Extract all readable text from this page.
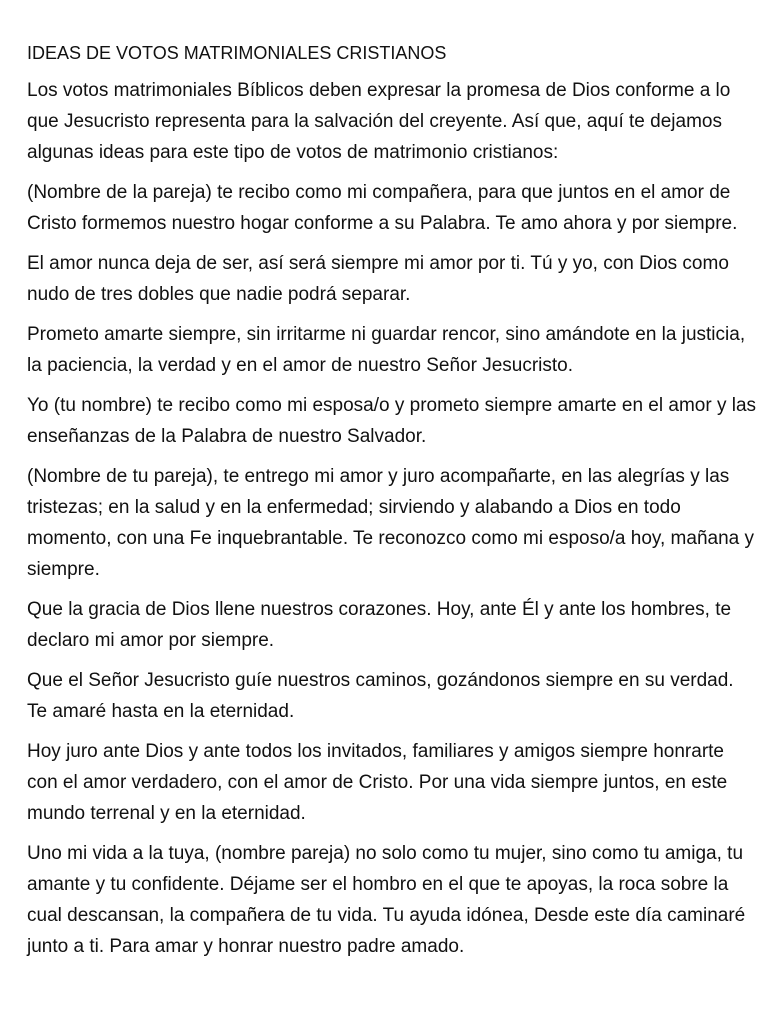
IDEAS DE VOTOS MATRIMONIALES CRISTIANOS

Los votos matrimoniales Bíblicos deben expresar la promesa de Dios conforme a lo que Jesucristo representa para la salvación del creyente. Así que, aquí te dejamos algunas ideas para este tipo de votos de matrimonio cristianos:

(Nombre de la pareja) te recibo como mi compañera, para que juntos en el amor de Cristo formemos nuestro hogar conforme a su Palabra. Te amo ahora y por siempre.

El amor nunca deja de ser, así será siempre mi amor por ti. Tú y yo, con Dios como nudo de tres dobles que nadie podrá separar.

Prometo amarte siempre, sin irritarme ni guardar rencor, sino amándote en la justicia, la paciencia, la verdad y en el amor de nuestro Señor Jesucristo.

Yo (tu nombre) te recibo como mi esposa/o y prometo siempre amarte en el amor y las enseñanzas de la Palabra de nuestro Salvador.

(Nombre de tu pareja), te entrego mi amor y juro acompañarte, en las alegrías y las tristezas; en la salud y en la enfermedad; sirviendo y alabando a Dios en todo momento, con una Fe inquebrantable. Te reconozco como mi esposo/a hoy, mañana y siempre.

Que la gracia de Dios llene nuestros corazones. Hoy, ante Él y ante los hombres, te declaro mi amor por siempre.

Que el Señor Jesucristo guíe nuestros caminos, gozándonos siempre en su verdad. Te amaré hasta en la eternidad.

Hoy juro ante Dios y ante todos los invitados, familiares y amigos siempre honrarte con el amor verdadero, con el amor de Cristo. Por una vida siempre juntos, en este mundo terrenal y en la eternidad.

Uno mi vida a la tuya, (nombre pareja) no solo como tu mujer, sino como tu amiga, tu amante y tu confidente. Déjame ser el hombro en el que te apoyas, la roca sobre la cual descansan, la compañera de tu vida. Tu ayuda idónea, Desde este día caminaré junto a ti. Para amar y honrar nuestro padre amado.
